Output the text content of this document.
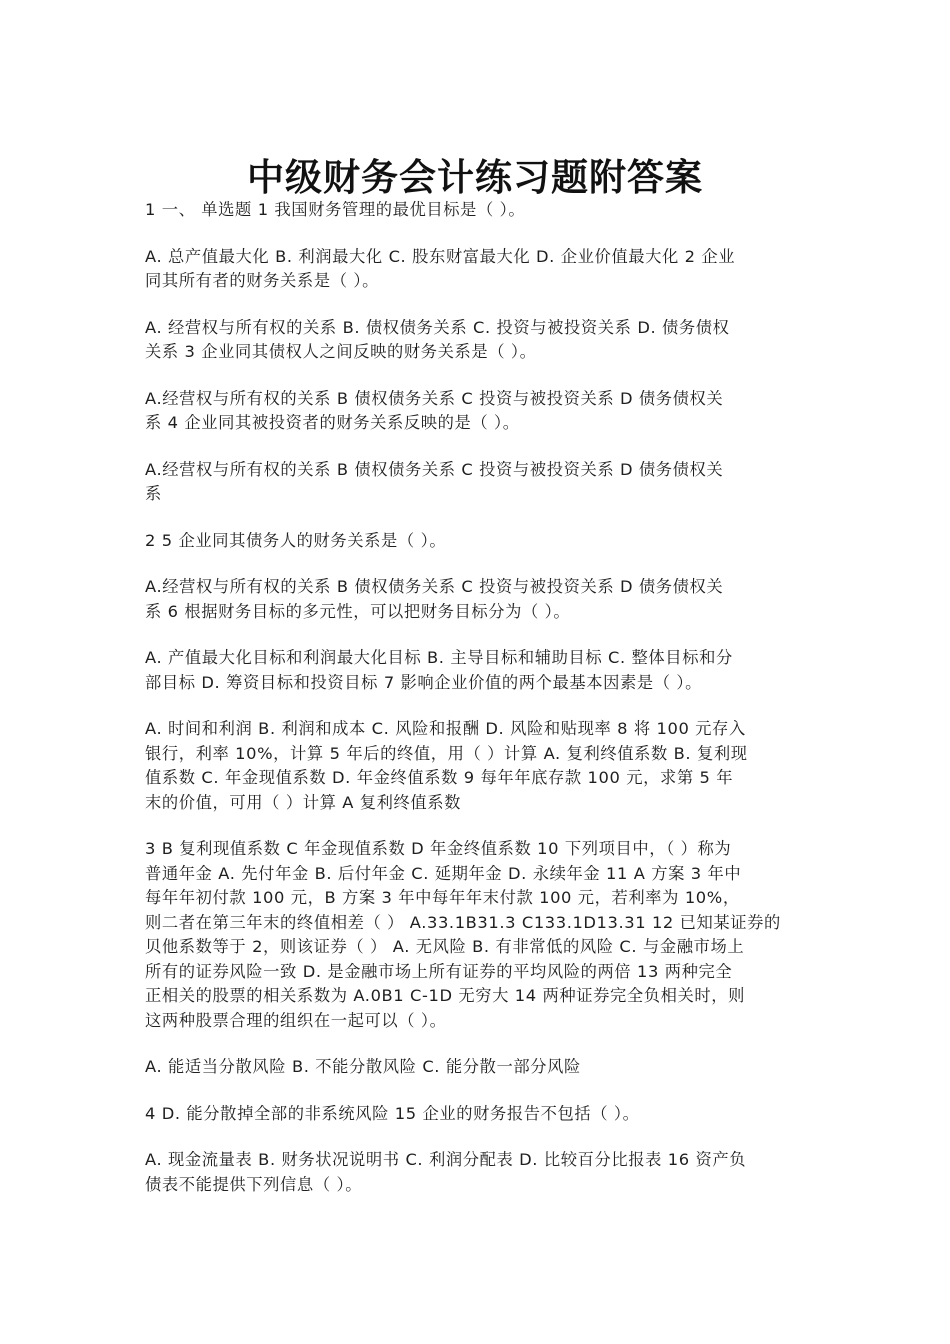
中级财务会计练习题附答案

1 一、 单选题 1 我国财务管理的最优目标是（ ）。

A. 总产值最大化 B. 利润最大化 C. 股东财富最大化 D. 企业价值最大化 2 企业
同其所有者的财务关系是（ ）。

A. 经营权与所有权的关系 B. 债权债务关系 C. 投资与被投资关系 D. 债务债权
关系 3 企业同其债权人之间反映的财务关系是（ ）。

A.经营权与所有权的关系 B 债权债务关系 C 投资与被投资关系 D 债务债权关
系 4 企业同其被投资者的财务关系反映的是（ ）。

A.经营权与所有权的关系 B 债权债务关系 C 投资与被投资关系 D 债务债权关
系

2 5 企业同其债务人的财务关系是（ ）。

A.经营权与所有权的关系 B 债权债务关系 C 投资与被投资关系 D 债务债权关
系 6 根据财务目标的多元性，可以把财务目标分为（ ）。

A. 产值最大化目标和利润最大化目标 B. 主导目标和辅助目标 C. 整体目标和分
部目标 D. 筹资目标和投资目标 7 影响企业价值的两个最基本因素是（ ）。

A. 时间和利润 B. 利润和成本 C. 风险和报酬 D. 风险和贴现率 8 将 100 元存入
银行，利率 10%，计算 5 年后的终值，用（ ）计算 A. 复利终值系数 B. 复利现
值系数 C. 年金现值系数 D. 年金终值系数 9 每年年底存款 100 元，求第 5 年
末的价值，可用（ ）计算 A 复利终值系数

3 B 复利现值系数 C 年金现值系数 D 年金终值系数 10 下列项目中，（ ）称为
普通年金 A. 先付年金 B. 后付年金 C. 延期年金 D. 永续年金 11 A 方案 3 年中
每年年初付款 100 元，B 方案 3 年中每年年末付款 100 元，若利率为 10%，
则二者在第三年末的终值相差（ ） A.33.1B31.3 C133.1D13.31 12 已知某证券的
贝他系数等于 2，则该证券（ ） A. 无风险 B. 有非常低的风险 C. 与金融市场上
所有的证券风险一致 D. 是金融市场上所有证券的平均风险的两倍 13 两种完全
正相关的股票的相关系数为 A.0B1 C-1D 无穷大 14 两种证券完全负相关时，则
这两种股票合理的组织在一起可以（ ）。

A. 能适当分散风险 B. 不能分散风险 C. 能分散一部分风险

4 D. 能分散掉全部的非系统风险 15 企业的财务报告不包括（ ）。

A. 现金流量表 B. 财务状况说明书 C. 利润分配表 D. 比较百分比报表 16 资产负
债表不能提供下列信息（ ）。
